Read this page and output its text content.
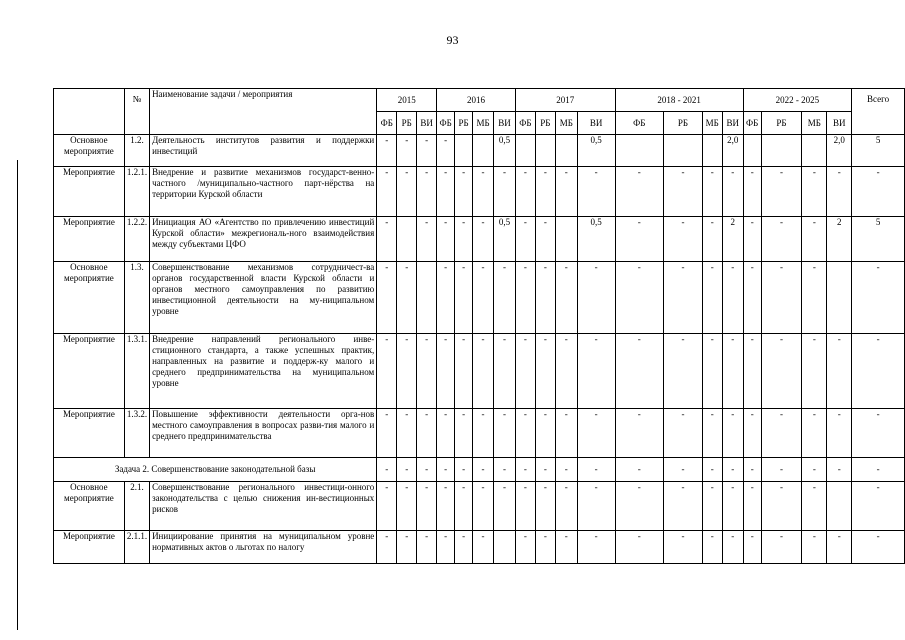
93
	№	Наименование задачи / мероприятия	2015			2016				2017				2018 - 2021				2022 - 2025				Всего
			ФБ	РБ	ВИ	ФБ	РБ	МБ	ВИ	ФБ	РБ	МБ	ВИ	ФБ	РБ	МБ	ВИ	ФБ	РБ	МБ	ВИ	
Основное мероприятие	1.2.	Деятельность институтов развития и поддержки инвестиций	-	-	-	-			0,5				0,5				2,0				2,0	5
Мероприятие	1.2.1.	Внедрение и развитие механизмов государст-венно-частного /муниципально-частного парт-нёрства на территории Курской области	-	-	-	-	-	-	-	-	-	-	-	-	-	-	-	-	-	-	-	-
Мероприятие	1.2.2.	Инициация АО «Агентство по привлечению инвестиций Курской области» межрегиональ-ного взаимодействия между субъектами ЦФО	-		-	-	-	-	0,5	-	-		0,5	-	-	-	2	-	-	-	2	5
Основное мероприятие	1.3.	Совершенствование механизмов сотрудничест-ва органов государственной власти Курской области и органов местного самоуправления по развитию инвестиционной деятельности на му-ниципальном уровне	-	-		-	-	-	-	-	-	-	-	-	-	-	-	-	-	-		-
Мероприятие	1.3.1.	Внедрение направлений регионального инве-стиционного стандарта, а также успешных практик, направленных на развитие и поддерж-ку малого и среднего предпринимательства на муниципальном уровне	-	-	-	-	-	-	-	-	-	-	-	-	-	-	-	-	-	-	-	-
Мероприятие	1.3.2.	Повышение эффективности деятельности орга-нов местного самоуправления в вопросах разви-тия малого и среднего предпринимательства	-	-	-	-	-	-	-	-	-	-	-	-	-	-	-	-	-	-	-	-
Задача 2. Совершенствование законодательной базы			-	-	-	-	-	-	-	-	-	-	-	-	-	-	-	-	-	-	-	-
Основное мероприятие	2.1.	Совершенствование регионального инвестици-онного законодательства с целью снижения ин-вестиционных рисков	-	-	-	-	-	-	-	-	-	-	-	-	-	-	-	-	-	-		-
Мероприятие	2.1.1.	Инициирование принятия на муниципальном уровне нормативных актов о льготах по налогу	-	-	-	-	-	-		-	-	-	-	-	-	-	-	-	-	-	-	-
